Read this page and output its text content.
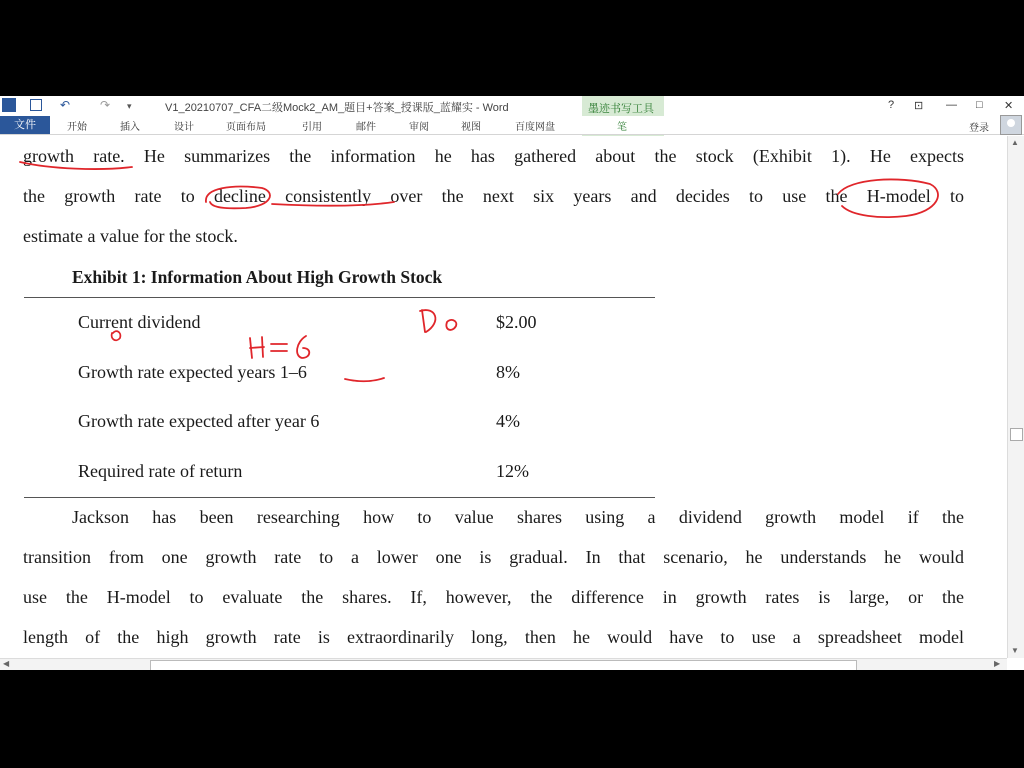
↶ ↷ ▾	V1_20210707_CFA二级Mock2_AM_题目+答案_授课版_蓝耀实 - Word	? ⊡ — □ ✕
墨迹书写工具
文件	开始	插入	设计	页面布局	引用	邮件	审阅	视图	百度网盘	笔	登录
growth rate. He summarizes the information he has gathered about the stock (Exhibit 1). He expects
the growth rate to decline consistently over the next six years and decides to use the H-model to
estimate a value for the stock.
Exhibit 1: Information About High Growth Stock
Current dividend	$2.00
Growth rate expected years 1–6	8%
Growth rate expected after year 6	4%
Required rate of return	12%
Jackson has been researching how to value shares using a dividend growth model if the
transition from one growth rate to a lower one is gradual. In that scenario, he understands he would
use the H-model to evaluate the shares. If, however, the difference in growth rates is large, or the
length of the high growth rate is extraordinarily long, then he would have to use a spreadsheet model
▲
▼
◀	▶
